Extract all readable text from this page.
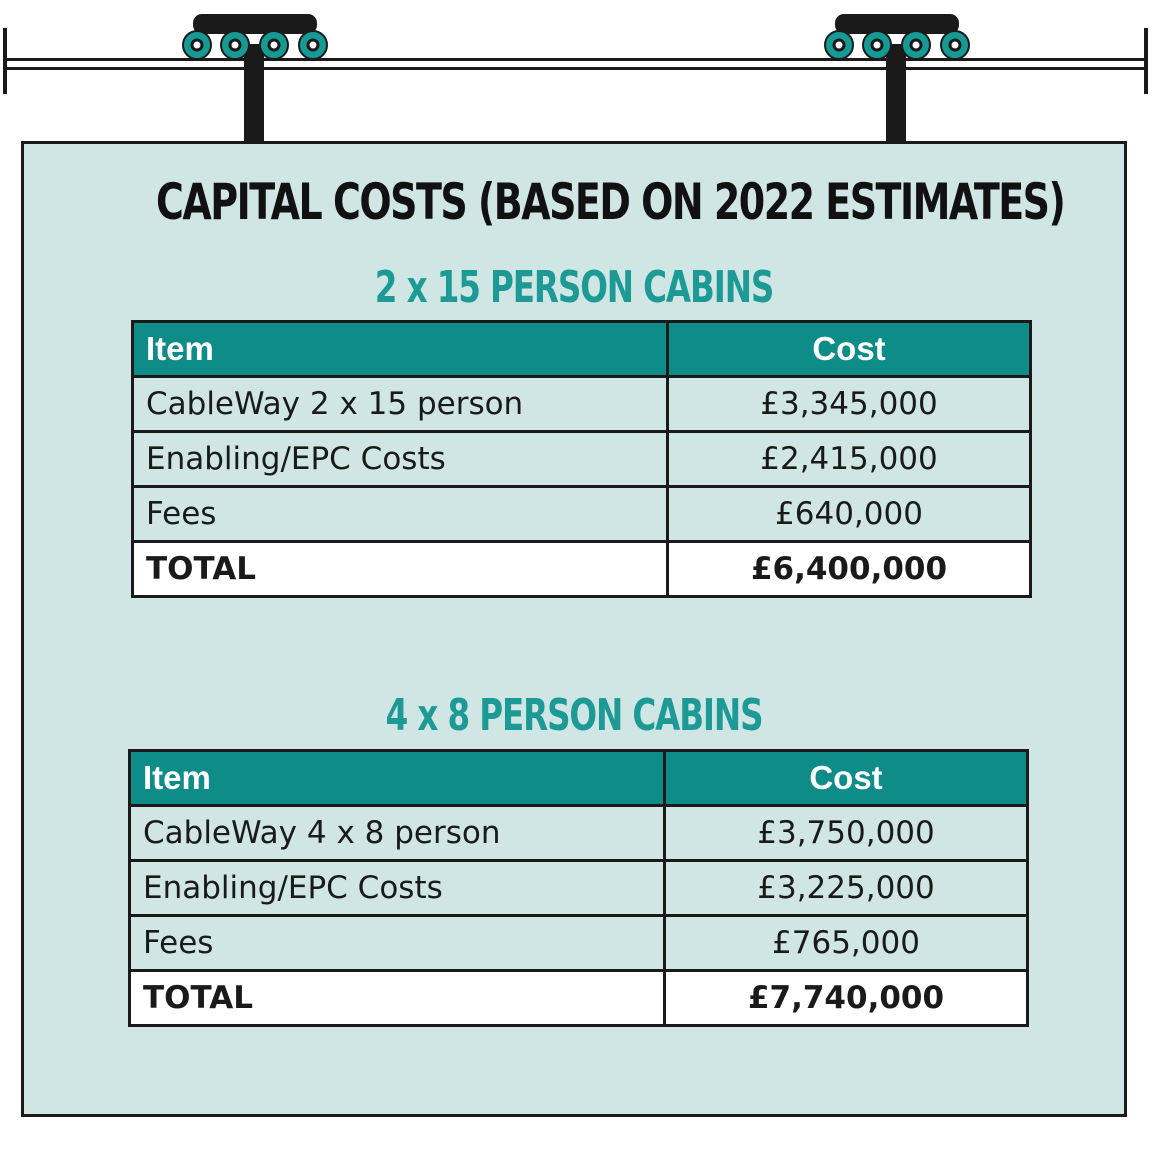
CAPITAL COSTS (BASED ON 2022 ESTIMATES)
2 x 15 PERSON CABINS
Item	Cost
CableWay 2 x 15 person	£3,345,000
Enabling/EPC Costs	£2,415,000
Fees	£640,000
TOTAL	£6,400,000
4 x 8 PERSON CABINS
Item	Cost
CableWay 4 x 8 person	£3,750,000
Enabling/EPC Costs	£3,225,000
Fees	£765,000
TOTAL	£7,740,000
